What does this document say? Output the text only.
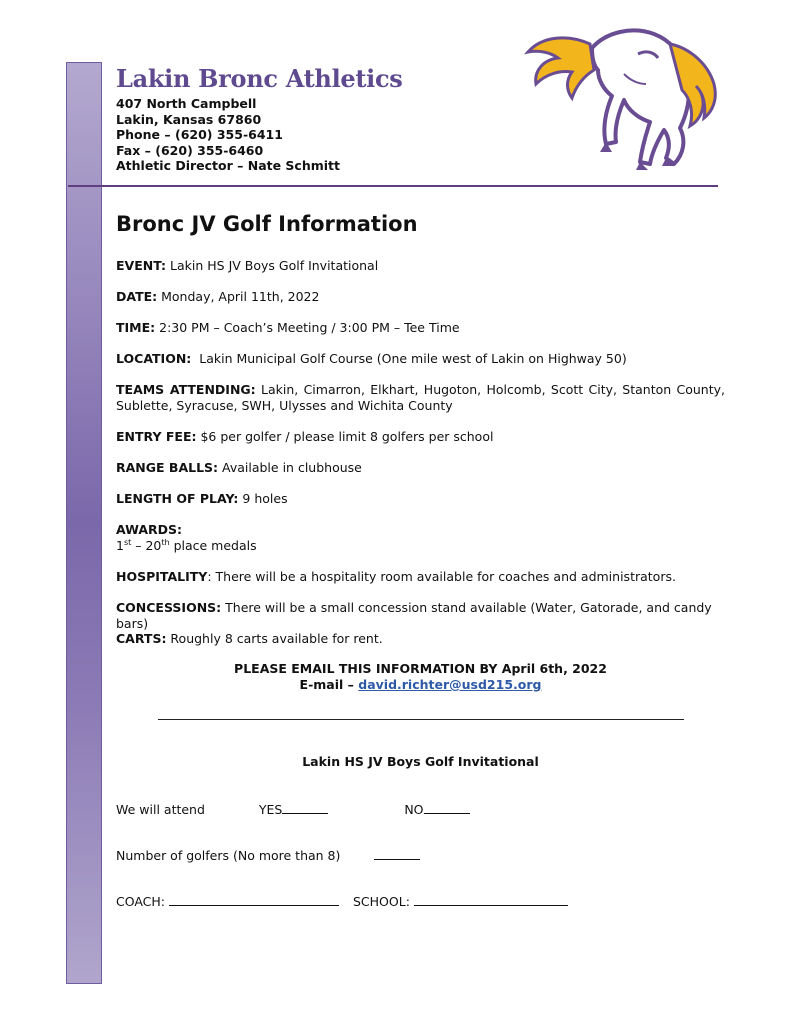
Lakin Bronc Athletics
407 North Campbell
Lakin, Kansas 67860
Phone – (620) 355-6411
Fax – (620) 355-6460
Athletic Director – Nate Schmitt
Bronc JV Golf Information
EVENT: Lakin HS JV Boys Golf Invitational
DATE: Monday, April 11th, 2022
TIME: 2:30 PM – Coach’s Meeting / 3:00 PM – Tee Time
LOCATION:  Lakin Municipal Golf Course (One mile west of Lakin on Highway 50)
TEAMS ATTENDING: Lakin, Cimarron, Elkhart, Hugoton, Holcomb, Scott City, Stanton County, Sublette, Syracuse, SWH, Ulysses and Wichita County
ENTRY FEE: $6 per golfer / please limit 8 golfers per school
RANGE BALLS: Available in clubhouse
LENGTH OF PLAY: 9 holes
AWARDS:
1st – 20th place medals
HOSPITALITY: There will be a hospitality room available for coaches and administrators.
CONCESSIONS: There will be a small concession stand available (Water, Gatorade, and candy bars)
CARTS: Roughly 8 carts available for rent.
PLEASE EMAIL THIS INFORMATION BY April 6th, 2022
E-mail – david.richter@usd215.org
Lakin HS JV Boys Golf Invitational
We will attend	YES	NO
Number of golfers (No more than 8)
COACH:	SCHOOL:
